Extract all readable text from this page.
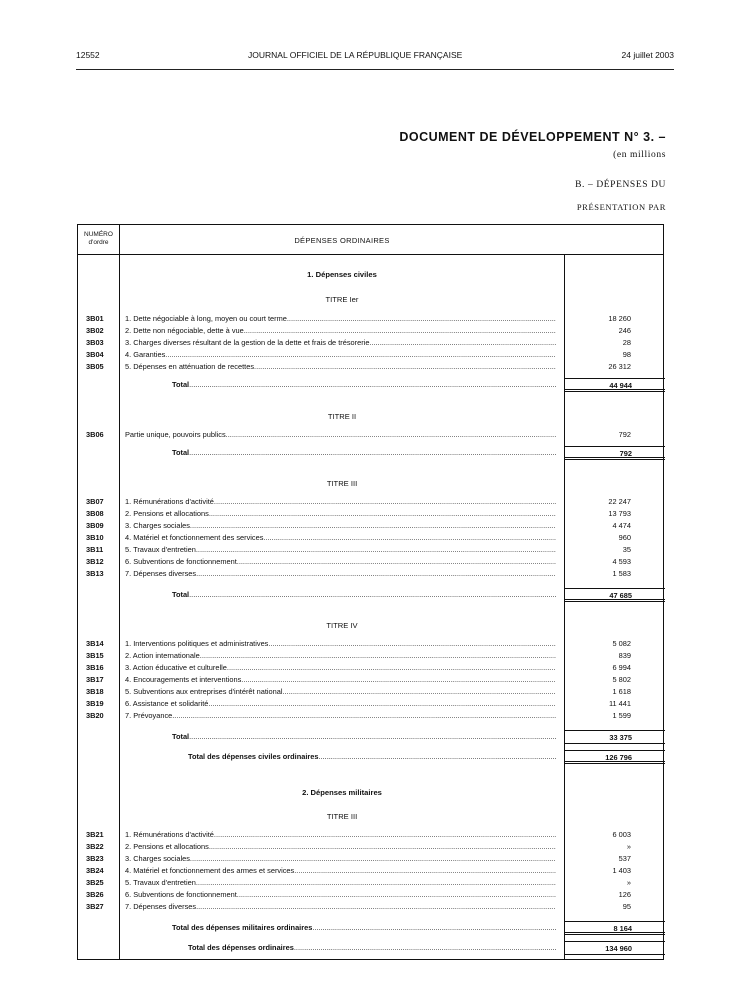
12552	JOURNAL OFFICIEL DE LA RÉPUBLIQUE FRANÇAISE	24 juillet 2003
DOCUMENT DE DÉVELOPPEMENT N° 3. –
(en millions
B. – DÉPENSES DU
PRÉSENTATION PAR
NUMÉRO d'ordre	DÉPENSES ORDINAIRES
1. Dépenses civiles
TITRE Ier
3B01	1. Dette négociable à long, moyen ou court terme .....	18 260
3B02	2. Dette non négociable, dette à vue .....	246
3B03	3. Charges diverses résultant de la gestion de la dette et frais de trésorerie .....	28
3B04	4. Garanties .....	98
3B05	5. Dépenses en atténuation de recettes .....	26 312
Total .....	44 944
TITRE II
3B06	Partie unique, pouvoirs publics .....	792
Total .....	792
TITRE III
3B07	1. Rémunérations d'activité .....	22 247
3B08	2. Pensions et allocations .....	13 793
3B09	3. Charges sociales .....	4 474
3B10	4. Matériel et fonctionnement des services .....	960
3B11	5. Travaux d'entretien .....	35
3B12	6. Subventions de fonctionnement .....	4 593
3B13	7. Dépenses diverses .....	1 583
Total .....	47 685
TITRE IV
3B14	1. Interventions politiques et administratives .....	5 082
3B15	2. Action internationale .....	839
3B16	3. Action éducative et culturelle .....	6 994
3B17	4. Encouragements et interventions .....	5 802
3B18	5. Subventions aux entreprises d'intérêt national .....	1 618
3B19	6. Assistance et solidarité .....	11 441
3B20	7. Prévoyance .....	1 599
Total .....	33 375
Total des dépenses civiles ordinaires .....	126 796
2. Dépenses militaires
TITRE III
3B21	1. Rémunérations d'activité .....	6 003
3B22	2. Pensions et allocations .....	»
3B23	3. Charges sociales .....	537
3B24	4. Matériel et fonctionnement des armes et services .....	1 403
3B25	5. Travaux d'entretien .....	»
3B26	6. Subventions de fonctionnement .....	126
3B27	7. Dépenses diverses .....	95
Total des dépenses militaires ordinaires .....	8 164
Total des dépenses ordinaires .....	134 960
